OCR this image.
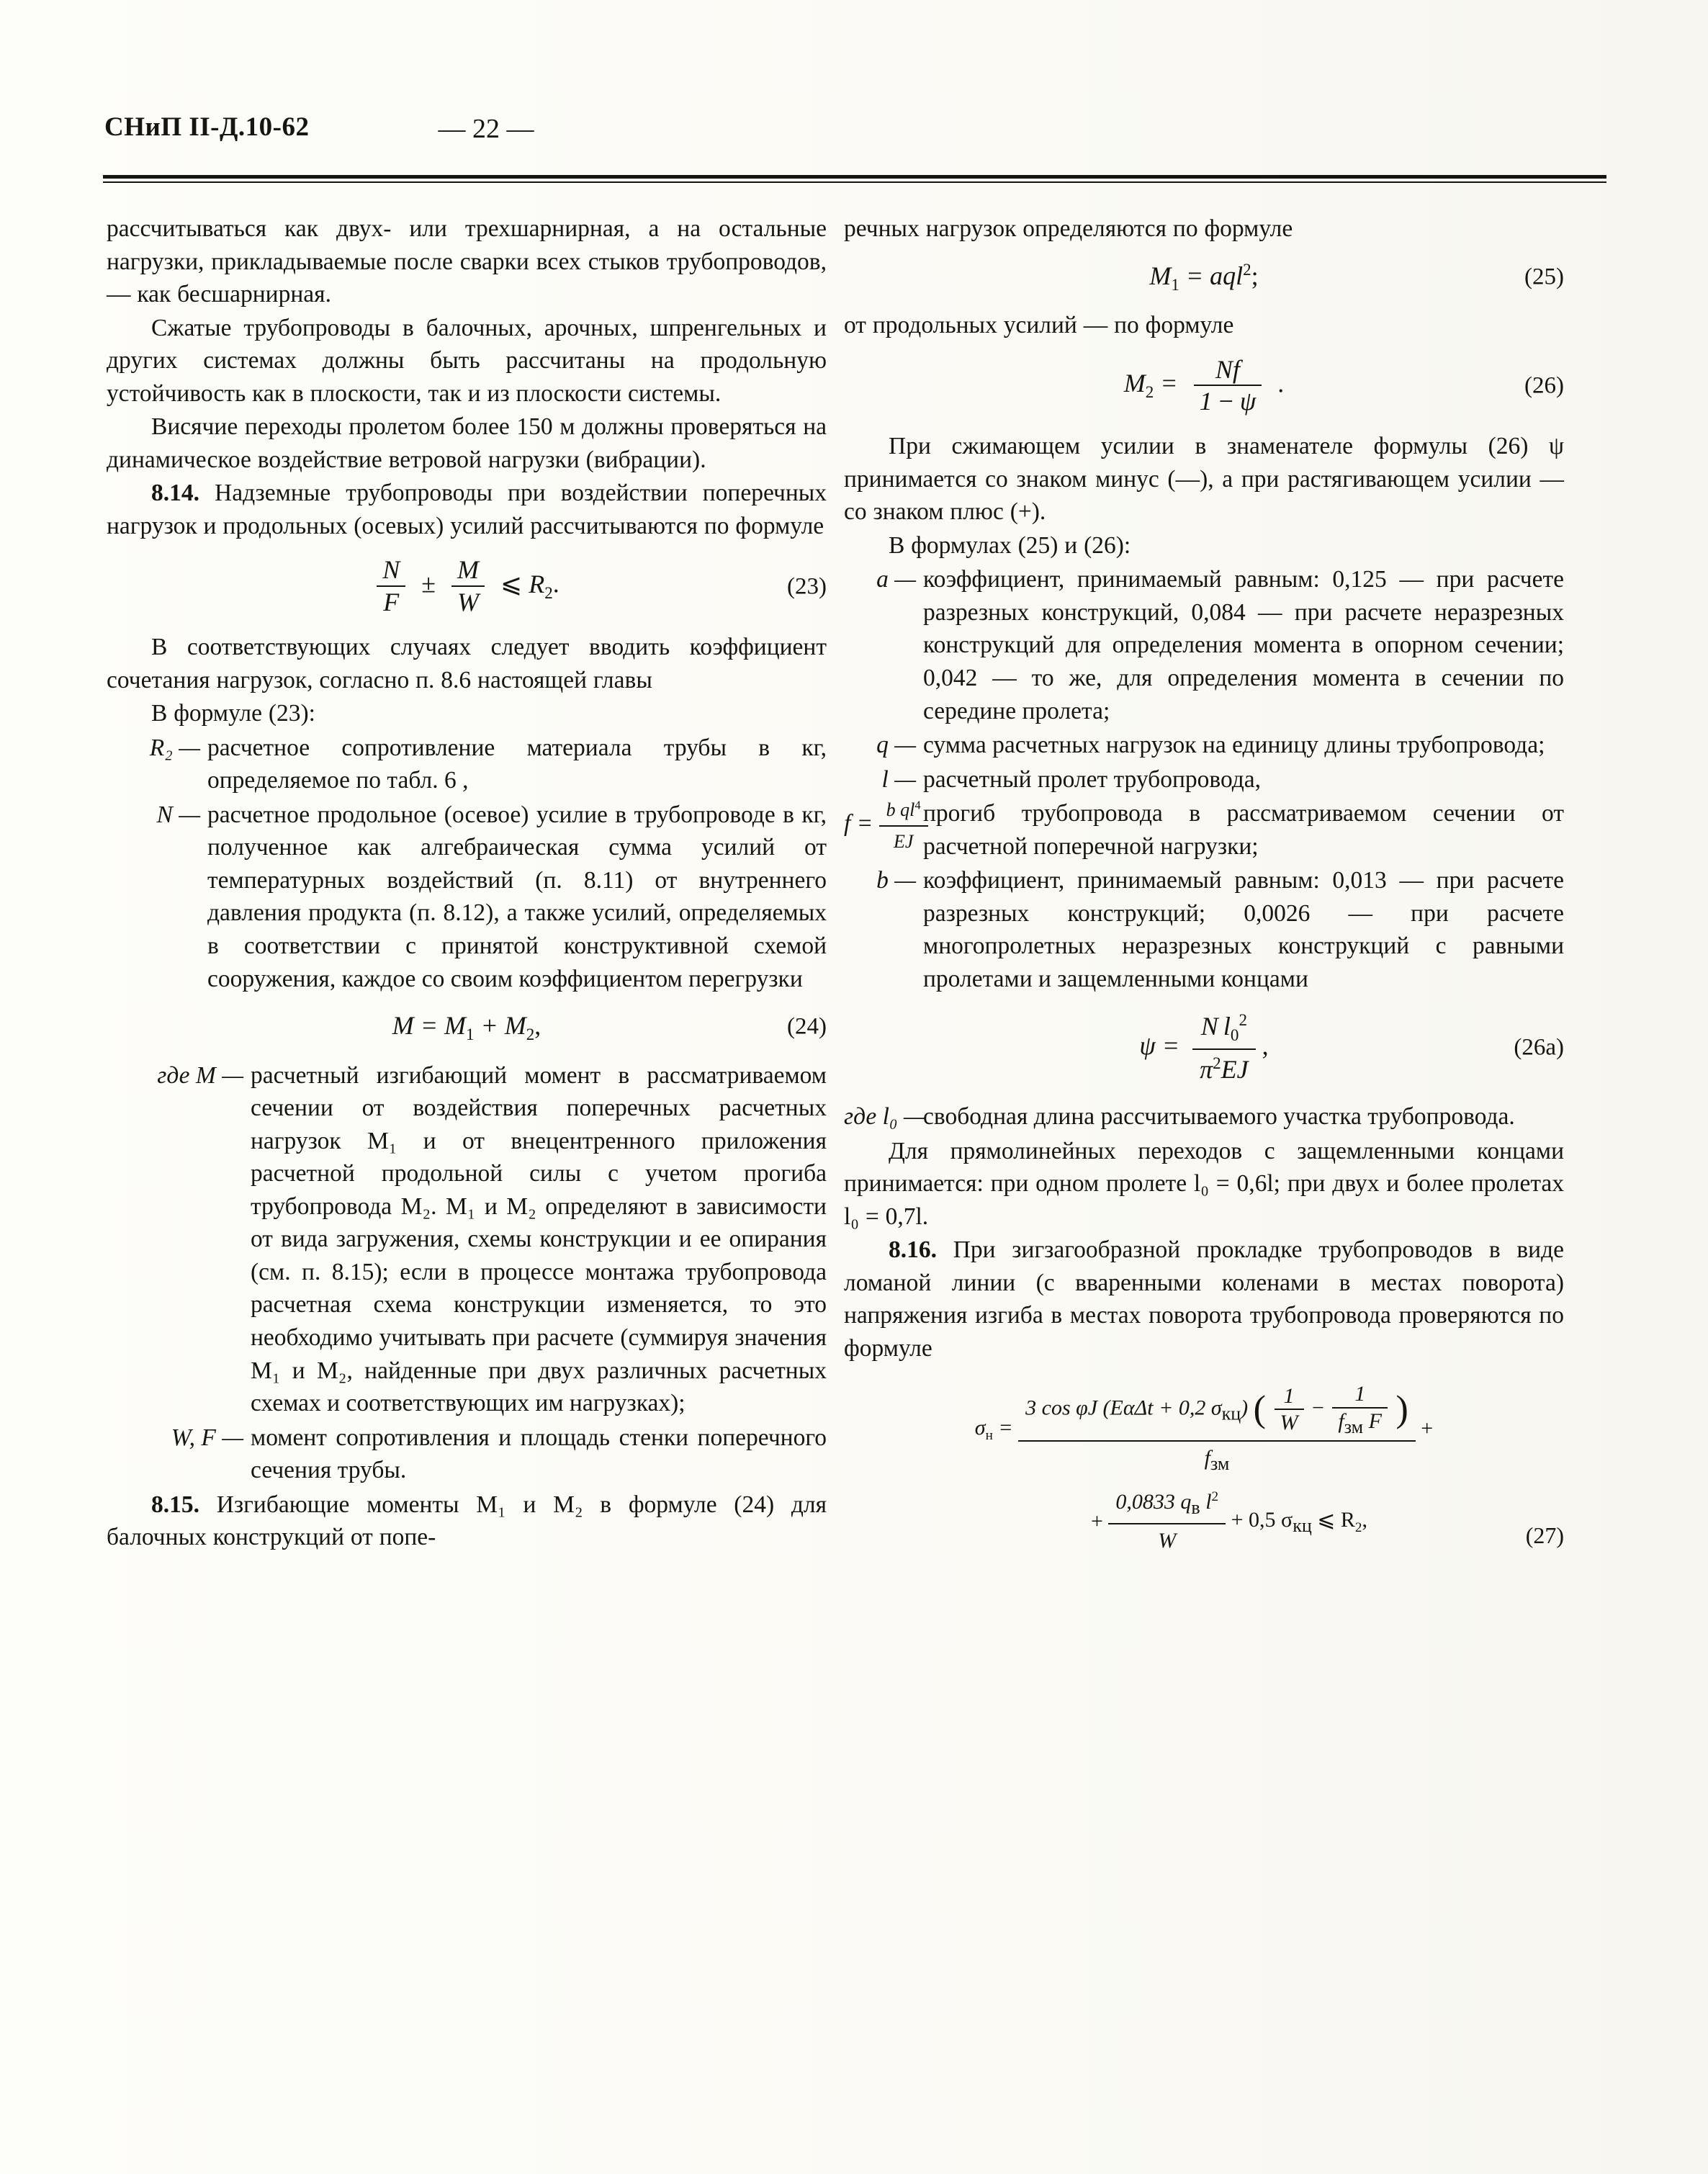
СНиП II-Д.10-62	— 22 —

рассчитываться как двух- или трехшарнирная, а на остальные нагрузки, прикладываемые после сварки всех стыков трубопроводов, — как бесшарнирная.

Сжатые трубопроводы в балочных, арочных, шпренгельных и других системах должны быть рассчитаны на продольную устойчивость как в плоскости, так и из плоскости системы.

Висячие переходы пролетом более 150 м должны проверяться на динамическое воздействие ветровой нагрузки (вибрации).

8.14. Надземные трубопроводы при воздействии поперечных нагрузок и продольных (осевых) усилий рассчитываются по формуле

$\frac{N}{F} \pm \frac{M}{W}$ ⩽ $R_2$.	(23)

В соответствующих случаях следует вводить коэффициент сочетания нагрузок, согласно п. 8.6 настоящей главы

В формуле (23):

R₂ — расчетное сопротивление материала трубы в кг, определяемое по табл. 6 ,
N — расчетное продольное (осевое) усилие в трубопроводе в кг, полученное как алгебраическая сумма усилий от температурных воздействий (п. 8.11) от внутреннего давления продукта (п. 8.12), а также усилий, определяемых в соответствии с принятой конструктивной схемой сооружения, каждое со своим коэффициентом перегрузки
$M = M_1 + M_2$,	(24)
где M — расчетный изгибающий момент в рассматриваемом сечении от воздействия поперечных расчетных нагрузок M₁ и от внецентренного приложения расчетной продольной силы с учетом прогиба трубопровода M₂. M₁ и M₂ определяют в зависимости от вида загружения, схемы конструкции и ее опирания (см. п. 8.15); если в процессе монтажа трубопровода расчетная схема конструкции изменяется, то это необходимо учитывать при расчете (суммируя значения M₁ и M₂, найденные при двух различных расчетных схемах и соответствующих им нагрузках);
W, F — момент сопротивления и площадь стенки поперечного сечения трубы.

8.15. Изгибающие моменты M₁ и M₂ в формуле (24) для балочных конструкций от попе-

речных нагрузок определяются по формуле

$M_1 = aql^2$;	(25)

от продольных усилий — по формуле

$M_2 = \frac{Nf}{1 - \psi}$ .	(26)

При сжимающем усилии в знаменателе формулы (26) ψ принимается со знаком минус (—), а при растягивающем усилии — со знаком плюс (+).

В формулах (25) и (26):

a — коэффициент, принимаемый равным: 0,125 — при расчете разрезных конструкций, 0,084 — при расчете неразрезных конструкций для определения момента в опорном сечении; 0,042 — то же, для определения момента в сечении по середине пролета;
q — сумма расчетных нагрузок на единицу длины трубопровода;
l — расчетный пролет трубопровода,
$f = \frac{b ql^4}{EJ}$
прогиб трубопровода в рассматриваемом сечении от расчетной поперечной нагрузки;
b — коэффициент, принимаемый равным: 0,013 — при расчете разрезных конструкций; 0,0026 — при расчете многопролетных неразрезных конструкций с равными пролетами и защемленными концами
$\psi = \frac{N l_0^2}{\pi^2EJ}$ ,	(26а)
где l₀ —
свободная длина рассчитываемого участка трубопровода.

Для прямолинейных переходов с защемленными концами принимается: при одном пролете l₀ = 0,6l; при двух и более пролетах l₀ = 0,7l.

8.16. При зигзагообразной прокладке трубопроводов в виде ломаной линии (с вваренными коленами в местах поворота) напряжения изгиба в местах поворота трубопровода проверяются по формуле

$\sigma_н$ =
3 cos φJ (EαΔt + 0,2 $\sigma_{кц}$) ( $\frac{1}{W} - \frac{1}{f_{зм} F}$ )
$f_{зм}$
+
+
0,0833 $q_в$ $l^2$
W
+ 0,5 $\sigma_{кц}$ ⩽ $R_2$,
(27)
